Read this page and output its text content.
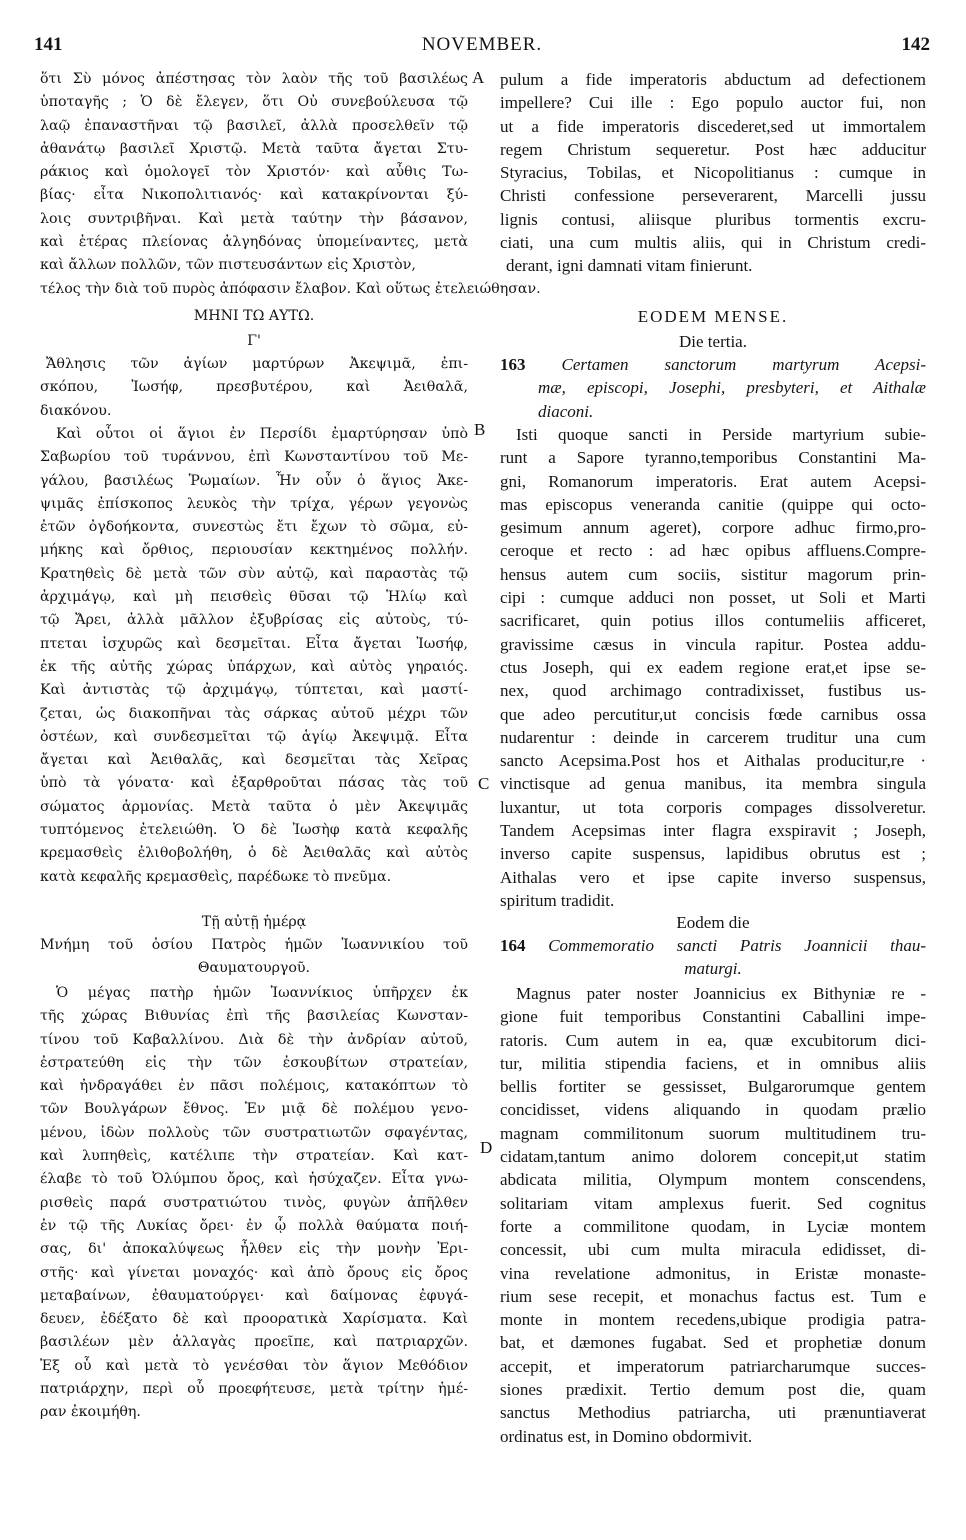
NOVEMBER.
141	142
A
B
C
D
ὅτι Σὺ μόνος ἀπέστησας τὸν λαὸν τῆς τοῦ βασιλέως
ὑποταγῆς ; Ὁ δὲ ἔλεγεν, ὅτι Οὐ συνεβούλευσα τῷ
λαῷ ἐπαναστῆναι τῷ βασιλεῖ, ἀλλὰ προσελθεῖν τῷ
ἀθανάτῳ βασιλεῖ Χριστῷ. Μετὰ ταῦτα ἄγεται Στυ-
ράκιος καὶ ὁμολογεῖ τὸν Χριστόν· καὶ αὖθις Τω-
βίας· εἶτα Νικοπολιτιανός· καὶ κατακρίνονται ξύ-
λοις συντριβῆναι. Καὶ μετὰ ταύτην τὴν βάσανον,
καὶ ἑτέρας πλείονας ἀλγηδόνας ὑπομείναντες, μετὰ
καὶ ἄλλων πολλῶν, τῶν πιστευσάντων εἰς Χριστὸν,
τέλος τὴν διὰ τοῦ πυρὸς ἀπόφασιν ἔλαβον. Καὶ οὕτως ἐτελειώθησαν.
pulum a fide imperatoris abductum ad defectionem
impellere? Cui ille : Ego populo auctor fui, non
ut a fide imperatoris discederet,sed ut immortalem
regem Christum sequeretur. Post hæc adducitur
Styracius, Tobilas, et Nicopolitianus : cumque in
Christi confessione perseverarent, Marcelli jussu
lignis contusi, aliisque pluribus tormentis excru-
ciati, una cum multis aliis, qui in Christum credi-
derant, igni damnati vitam finierunt.
ΜΗΝΙ ΤΩ ΑΥΤΩ.
Γ'
EODEM MENSE.
Die tertia.
Ἄθλησις τῶν ἁγίων μαρτύρων Ἀκεψιμᾶ, ἐπι-
σκόπου, Ἰωσήφ, πρεσβυτέρου, καὶ Ἀειθαλᾶ,
διακόνου.
163 Certamen sanctorum martyrum Acepsi-
mæ, episcopi, Josephi, presbyteri, et Aithalæ
diaconi.
Καὶ οὗτοι οἱ ἅγιοι ἐν Περσίδι ἐμαρτύρησαν ὑπὸ
Σαβωρίου τοῦ τυράννου, ἐπὶ Κωνσταντίνου τοῦ Με-
γάλου, βασιλέως Ῥωμαίων. Ἦν οὖν ὁ ἅγιος Ἀκε-
ψιμᾶς ἐπίσκοπος λευκὸς τὴν τρίχα, γέρων γεγονὼς
ἐτῶν ὀγδοήκοντα, συνεστὼς ἔτι ἔχων τὸ σῶμα, εὐ-
μήκης καὶ ὄρθιος, περιουσίαν κεκτημένος πολλήν.
Κρατηθεὶς δὲ μετὰ τῶν σὺν αὐτῷ, καὶ παραστὰς τῷ
ἀρχιμάγῳ, καὶ μὴ πεισθεὶς θῦσαι τῷ Ἡλίῳ καὶ
τῷ Ἄρει, ἀλλὰ μᾶλλον ἐξυβρίσας εἰς αὐτοὺς, τύ-
πτεται ἰσχυρῶς καὶ δεσμεῖται. Εἶτα ἄγεται Ἰωσήφ,
ἐκ τῆς αὐτῆς χώρας ὑπάρχων, καὶ αὐτὸς γηραιός.
Καὶ ἀντιστὰς τῷ ἀρχιμάγῳ, τύπτεται, καὶ μαστί-
ζεται, ὡς διακοπῆναι τὰς σάρκας αὐτοῦ μέχρι τῶν
ὀστέων, καὶ συνδεσμεῖται τῷ ἁγίῳ Ἀκεψιμᾷ. Εἶτα
ἄγεται καὶ Ἀειθαλᾶς, καὶ δεσμεῖται τὰς Χεῖρας
ὑπὸ τὰ γόνατα· καὶ ἐξαρθροῦται πάσας τὰς τοῦ
σώματος ἁρμονίας. Μετὰ ταῦτα ὁ μὲν Ἀκεψιμᾶς
τυπτόμενος ἐτελειώθη. Ὁ δὲ Ἰωσὴφ κατὰ κεφαλῆς
κρεμασθεὶς ἐλιθοβολήθη, ὁ δὲ Ἀειθαλᾶς καὶ αὐτὸς
κατὰ κεφαλῆς κρεμασθεὶς, παρέδωκε τὸ πνεῦμα.
Isti quoque sancti in Perside martyrium subie-
runt a Sapore tyranno,temporibus Constantini Ma-
gni, Romanorum imperatoris. Erat autem Acepsi-
mas episcopus veneranda canitie (quippe qui octo-
gesimum annum ageret), corpore adhuc firmo,pro-
ceroque et recto : ad hæc opibus affluens.Compre-
hensus autem cum sociis, sistitur magorum prin-
cipi : cumque adduci non posset, ut Soli et Marti
sacrificaret, quin potius illos contumeliis afficeret,
gravissime cæsus in vincula rapitur. Postea addu-
ctus Joseph, qui ex eadem regione erat,et ipse se-
nex, quod archimago contradixisset, fustibus us-
que adeo percutitur,ut concisis fœde carnibus ossa
nudarentur : deinde in carcerem truditur una cum
sancto Acepsima.Post hos et Aithalas producitur,re ·
vinctisque ad genua manibus, ita membra singula
luxantur, ut tota corporis compages dissolveretur.
Tandem Acepsimas inter flagra exspiravit ; Joseph,
inverso capite suspensus, lapidibus obrutus est ;
Aithalas vero et ipse capite inverso suspensus,
spiritum tradidit.
Τῇ αὐτῇ ἡμέρᾳ	Eodem die
Μνήμη τοῦ ὁσίου Πατρὸς ἡμῶν Ἰωαννικίου τοῦ
Θαυματουργοῦ.
164 Commemoratio sancti Patris Joannicii thau-
maturgi.
Ὁ μέγας πατὴρ ἡμῶν Ἰωαννίκιος ὑπῆρχεν ἐκ
τῆς χώρας Βιθυνίας ἐπὶ τῆς βασιλείας Κωνσταν-
τίνου τοῦ Καβαλλίνου. Διὰ δὲ τὴν ἀνδρίαν αὐτοῦ,
ἐστρατεύθη εἰς τὴν τῶν ἐσκουβίτων στρατείαν,
καὶ ἠνδραγάθει ἐν πᾶσι πολέμοις, κατακόπτων τὸ
τῶν Βουλγάρων ἔθνος. Ἐν μιᾷ δὲ πολέμου γενο-
μένου, ἰδὼν πολλοὺς τῶν συστρατιωτῶν σφαγέντας,
καὶ λυπηθεὶς, κατέλιπε τὴν στρατείαν. Καὶ κατ-
έλαβε τὸ τοῦ Ὀλύμπου ὄρος, καὶ ἡσύχαζεν. Εἶτα γνω-
ρισθεὶς παρά συστρατιώτου τινὸς, φυγὼν ἀπῆλθεν
ἐν τῷ τῆς Λυκίας ὄρει· ἐν ᾧ πολλὰ θαύματα ποιή-
σας, δι' ἀποκαλύψεως ἦλθεν εἰς τὴν μονὴν Ἐρι-
στῆς· καὶ γίνεται μοναχός· καὶ ἀπὸ ὄρους εἰς ὄρος
μεταβαίνων, ἐθαυματούργει· καὶ δαίμονας ἐφυγά-
δευεν, ἐδέξατο δὲ καὶ προορατικὰ Χαρίσματα. Καὶ
βασιλέων μὲν ἀλλαγὰς προεῖπε, καὶ πατριαρχῶν.
Ἐξ οὗ καὶ μετὰ τὸ γενέσθαι τὸν ἅγιον Μεθόδιον
πατριάρχην, περὶ οὗ προεφήτευσε, μετὰ τρίτην ἡμέ-
ραν ἐκοιμήθη.
Magnus pater noster Joannicius ex Bithyniæ re -
gione fuit temporibus Constantini Caballini impe-
ratoris. Cum autem in ea, quæ excubitorum dici-
tur, militia stipendia faciens, et in omnibus aliis
bellis fortiter se gessisset, Bulgarorumque gentem
concidisset, videns aliquando in quodam prælio
magnam commilitonum suorum multitudinem tru-
cidatam,tantum animo dolorem concepit,ut statim
abdicata militia, Olympum montem conscendens,
solitariam vitam amplexus fuerit. Sed cognitus
forte a commilitone quodam, in Lyciæ montem
concessit, ubi cum multa miracula edidisset, di-
vina revelatione admonitus, in Eristæ monaste-
rium sese recepit, et monachus factus est. Tum e
monte in montem recedens,ubique prodigia patra-
bat, et dæmones fugabat. Sed et prophetiæ donum
accepit, et imperatorum patriarcharumque succes-
siones prædixit. Tertio demum post die, quam
sanctus Methodius patriarcha, uti prænuntiaverat
ordinatus est, in Domino obdormivit.
